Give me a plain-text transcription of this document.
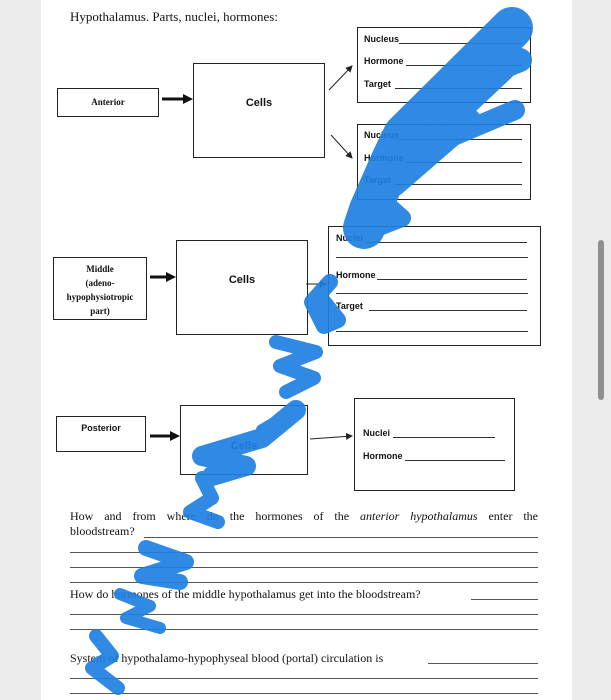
Hypothalamus. Parts, nuclei, hormones:
Anterior	Cells
Nucleus
Hormone
Target
Nucleus
Hormone
Target
Middle
(adeno-
hypophysiotropic
part)
Cells
Nuclei
Hormone
Target
Posterior
Cells
Nuclei
Hormone
How and from where do the hormones of the anterior hypothalamus enter the
bloodstream?
How do hormones of the middle hypothalamus get into the bloodstream?
System of hypothalamo-hypophyseal blood (portal) circulation is
